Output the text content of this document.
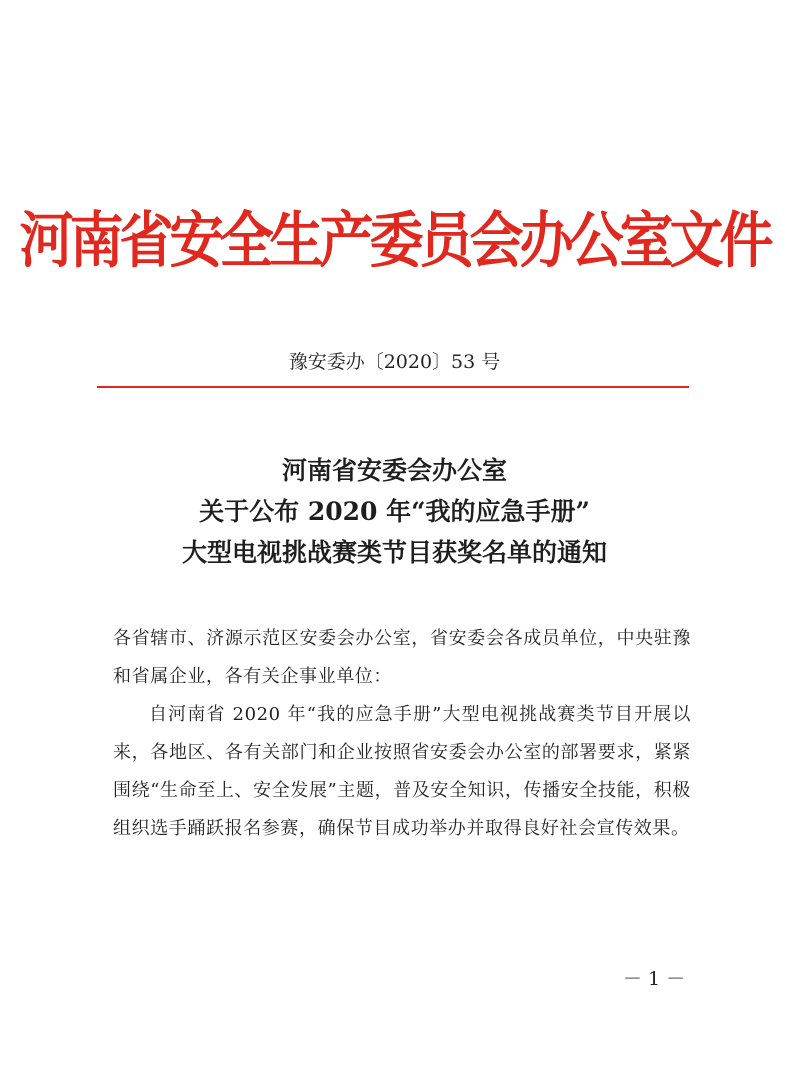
河南省安全生产委员会办公室文件
豫安委办〔2020〕53 号
河南省安委会办公室
关于公布 2020 年“我的应急手册”
大型电视挑战赛类节目获奖名单的通知

各省辖市、济源示范区安委会办公室，省安委会各成员单位，中央驻豫和省属企业，各有关企事业单位：

自河南省 2020 年“我的应急手册”大型电视挑战赛类节目开展以来，各地区、各有关部门和企业按照省安委会办公室的部署要求，紧紧围绕“生命至上、安全发展”主题，普及安全知识，传播安全技能，积极组织选手踊跃报名参赛，确保节目成功举办并取得良好社会宣传效果。

－ 1 －
